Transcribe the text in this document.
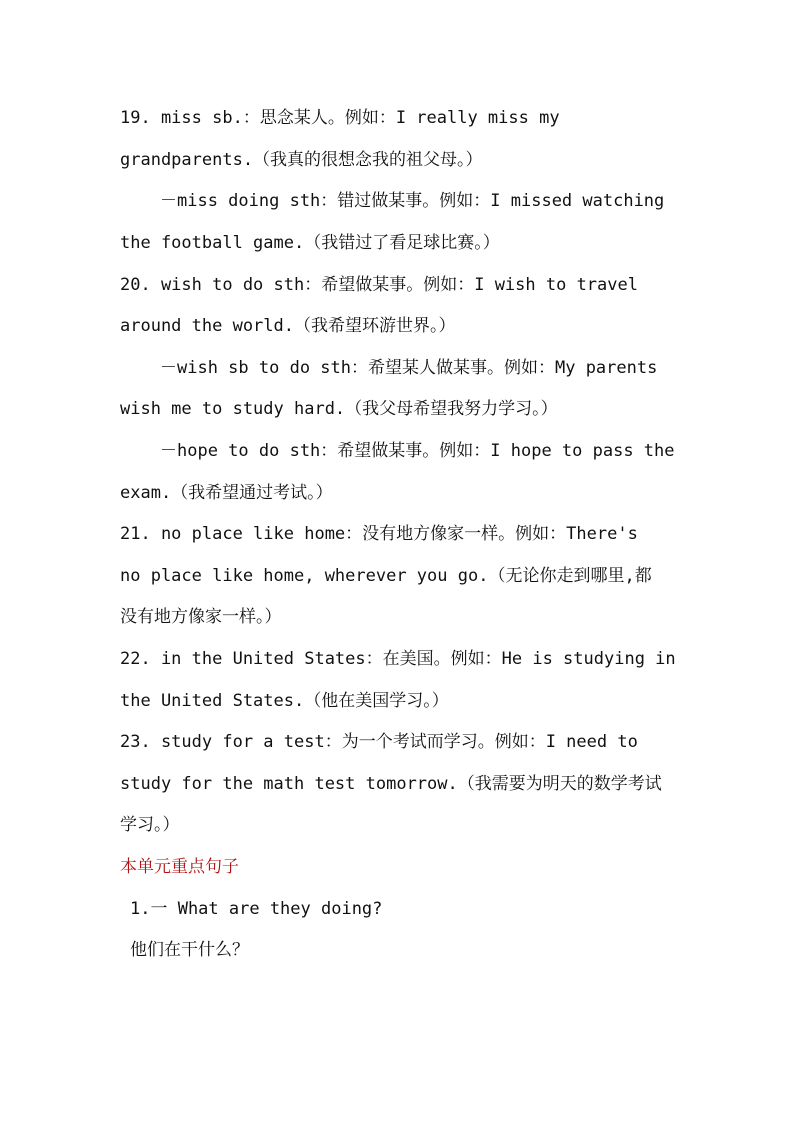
19. miss sb.：思念某人。例如：I really miss my
grandparents.（我真的很想念我的祖父母。）
－miss doing sth：错过做某事。例如：I missed watching
the football game.（我错过了看足球比赛。）
20. wish to do sth：希望做某事。例如：I wish to travel
around the world.（我希望环游世界。）
－wish sb to do sth：希望某人做某事。例如：My parents
wish me to study hard.（我父母希望我努力学习。）
－hope to do sth：希望做某事。例如：I hope to pass the
exam.（我希望通过考试。）
21. no place like home：没有地方像家一样。例如：There's
no place like home, wherever you go.（无论你走到哪里,都
没有地方像家一样。）
22. in the United States：在美国。例如：He is studying in
the United States.（他在美国学习。）
23. study for a test：为一个考试而学习。例如：I need to
study for the math test tomorrow.（我需要为明天的数学考试
学习。）
本单元重点句子
1.一 What are they doing?
他们在干什么？
